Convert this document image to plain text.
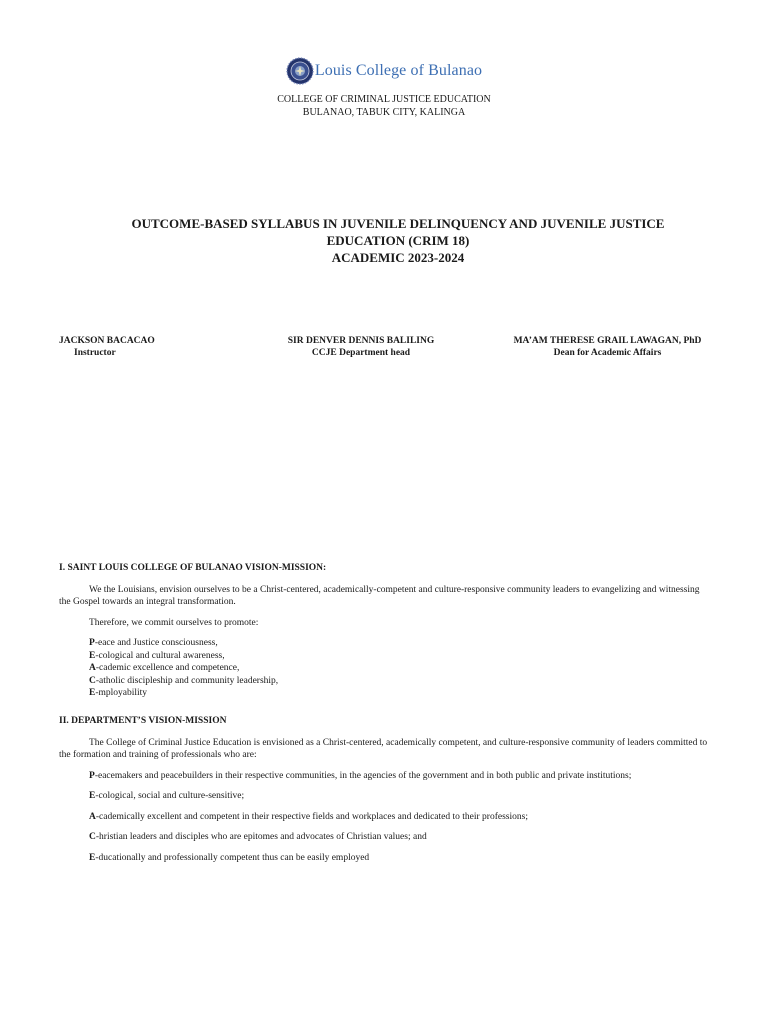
Louis College of Bulanao
COLLEGE OF CRIMINAL JUSTICE EDUCATION
BULANAO, TABUK CITY, KALINGA
OUTCOME-BASED SYLLABUS IN JUVENILE DELINQUENCY AND JUVENILE JUSTICE
EDUCATION (CRIM 18)
ACADEMIC 2023-2024
JACKSON BACACAO
Instructor
SIR DENVER DENNIS BALILING
CCJE Department head
MA’AM THERESE GRAIL LAWAGAN, PhD
Dean for Academic Affairs
I. SAINT LOUIS COLLEGE OF BULANAO VISION-MISSION:

We the Louisians, envision ourselves to be a Christ-centered, academically-competent and culture-responsive community leaders to evangelizing and witnessing the Gospel towards an integral transformation.

Therefore, we commit ourselves to promote:

P-eace and Justice consciousness,
E-cological and cultural awareness,
A-cademic excellence and competence,
C-atholic discipleship and community leadership,
E-mployability
II. DEPARTMENT’S VISION-MISSION

The College of Criminal Justice Education is envisioned as a Christ-centered, academically competent, and culture-responsive community of leaders committed to the formation and training of professionals who are:

P-eacemakers and peacebuilders in their respective communities, in the agencies of the government and in both public and private institutions;
E-cological, social and culture-sensitive;
A-cademically excellent and competent in their respective fields and workplaces and dedicated to their professions;
C-hristian leaders and disciples who are epitomes and advocates of Christian values; and
E-ducationally and professionally competent thus can be easily employed
